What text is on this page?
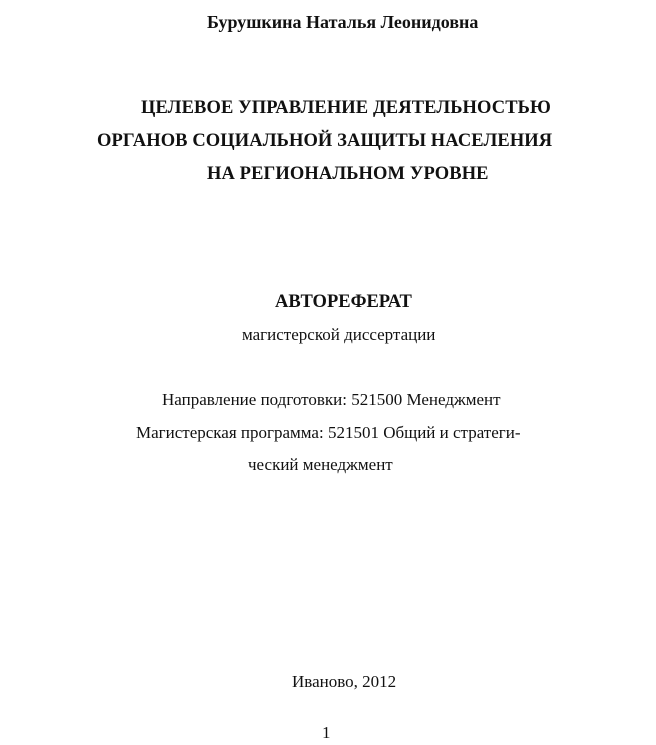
Бурушкина Наталья Леонидовна
ЦЕЛЕВОЕ УПРАВЛЕНИЕ ДЕЯТЕЛЬНОСТЬЮ
ОРГАНОВ СОЦИАЛЬНОЙ ЗАЩИТЫ НАСЕЛЕНИЯ
НА РЕГИОНАЛЬНОМ УРОВНЕ
АВТОРЕФЕРАТ
магистерской диссертации
Направление подготовки: 521500 Менеджмент
Магистерская программа: 521501 Общий и стратеги-
ческий менеджмент
Иваново, 2012
1
